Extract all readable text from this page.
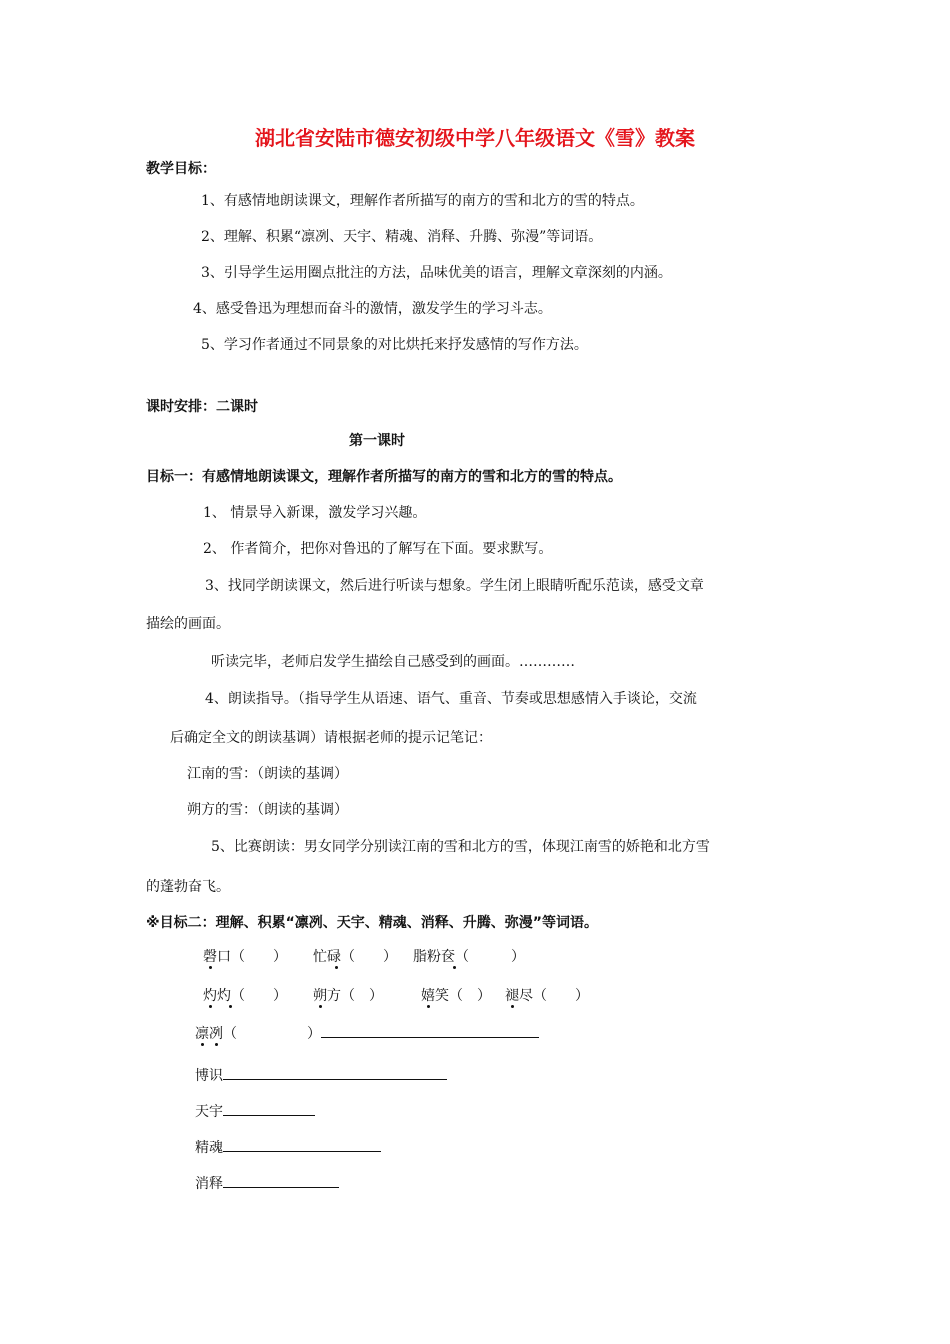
湖北省安陆市德安初级中学八年级语文《雪》教案
教学目标：
1、有感情地朗读课文，理解作者所描写的南方的雪和北方的雪的特点。
2、理解、积累“凛冽、天宇、精魂、消释、升腾、弥漫”等词语。
3、引导学生运用圈点批注的方法，品味优美的语言，理解文章深刻的内涵。
4、感受鲁迅为理想而奋斗的激情，激发学生的学习斗志。
5、学习作者通过不同景象的对比烘托来抒发感情的写作方法。
课时安排：二课时
第一课时
目标一：有感情地朗读课文，理解作者所描写的南方的雪和北方的雪的特点。
1、 情景导入新课，激发学习兴趣。
2、 作者简介，把你对鲁迅的了解写在下面。要求默写。
3、找同学朗读课文，然后进行听读与想象。学生闭上眼睛听配乐范读，感受文章
描绘的画面。
听读完毕，老师启发学生描绘自己感受到的画面。…………
4、朗读指导。（指导学生从语速、语气、重音、节奏或思想感情入手谈论，交流
后确定全文的朗读基调）请根据老师的提示记笔记：
江南的雪：（朗读的基调）
朔方的雪：（朗读的基调）
5、比赛朗读：男女同学分别读江南的雪和北方的雪，体现江南雪的娇艳和北方雪
的蓬勃奋飞。
※目标二：理解、积累“凛冽、天宇、精魂、消释、升腾、弥漫”等词语。
磬口（　　） 忙碌（　　） 脂粉奁（　　　）
灼灼（　　） 朔方（　）	嬉笑（　） 褪尽（　　）
凛冽（　　　　　）
博识
天宇
精魂
消释
